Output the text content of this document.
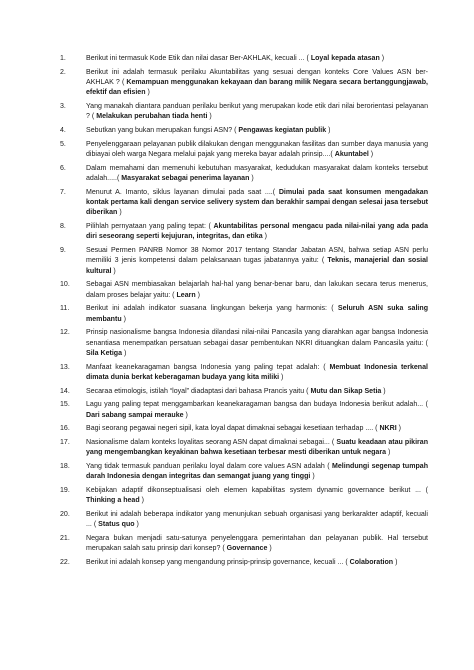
1.	Berikut ini termasuk Kode Etik dan nilai dasar Ber-AKHLAK, kecuali ... ( Loyal kepada atasan )
2.	Berikut ini adalah termasuk perilaku Akuntabilitas yang sesuai dengan konteks Core Values ASN ber-AKHLAK ? ( Kemampuan menggunakan kekayaan dan barang milik Negara secara bertanggungjawab, efektif dan efisien )
3.	Yang manakah diantara panduan perilaku berikut yang merupakan kode etik dari nilai berorientasi pelayanan ? ( Melakukan perubahan tiada henti )
4.	Sebutkan yang bukan merupakan fungsi ASN? ( Pengawas kegiatan publik )
5.	Penyelenggaraan pelayanan publik dilakukan dengan menggunakan fasilitas dan sumber daya manusia yang dibiayai oleh warga Negara melalui pajak yang mereka bayar adalah prinsip....( Akuntabel )
6.	Dalam memahami dan memenuhi kebutuhan masyarakat, kedudukan masyarakat dalam konteks tersebut adalah.....( Masyarakat sebagai penerima layanan )
7.	Menurut A. Imanto, siklus layanan dimulai pada saat ....( Dimulai pada saat konsumen mengadakan kontak pertama kali dengan service selivery system dan berakhir sampai dengan selesai jasa tersebut diberikan )
8.	Pilihlah pernyataan yang paling tepat: ( Akuntabilitas personal mengacu pada nilai-nilai yang ada pada diri seseorang seperti kejujuran, integritas, dan etika )
9.	Sesuai Permen PANRB Nomor 38 Nomor 2017 tentang Standar Jabatan ASN, bahwa setiap ASN perlu memiliki 3 jenis kompetensi dalam pelaksanaan tugas jabatannya yaitu: ( Teknis, manajerial dan sosial kultural )
10.	Sebagai ASN membiasakan belajarlah hal-hal yang benar-benar baru, dan lakukan secara terus menerus, dalam proses belajar yaitu: ( Learn )
11.	Berikut ini adalah indikator suasana lingkungan bekerja yang harmonis: ( Seluruh ASN suka saling membantu )
12.	Prinsip nasionalisme bangsa Indonesia dilandasi nilai-nilai Pancasila yang diarahkan agar bangsa Indonesia senantiasa menempatkan persatuan sebagai dasar pembentukan NKRI dituangkan dalam Pancasila yaitu: ( Sila Ketiga )
13.	Manfaat keanekaragaman bangsa Indonesia yang paling tepat adalah: ( Membuat Indonesia terkenal dimata dunia berkat keberagaman budaya yang kita miliki )
14.	Secaraa etimologis, istilah “loyal” diadaptasi dari bahasa Prancis yaitu ( Mutu dan Sikap Setia )
15.	Lagu yang paling tepat menggambarkan keanekaragaman bangsa dan budaya Indonesia berikut adalah... ( Dari sabang sampai merauke )
16.	Bagi seorang pegawai negeri sipil, kata loyal dapat dimaknai sebagai kesetiaan terhadap .... ( NKRI )
17.	Nasionalisme dalam konteks loyalitas seorang ASN dapat dimaknai sebagai... ( Suatu keadaan atau pikiran yang mengembangkan keyakinan bahwa kesetiaan terbesar mesti diberikan untuk negara )
18.	Yang tidak termasuk panduan perilaku loyal dalam core values ASN adalah ( Melindungi segenap tumpah darah Indonesia dengan integritas dan semangat juang yang tinggi )
19.	Kebijakan adaptif dikonseptualisasi oleh elemen kapabilitas system dynamic governance berikut ... ( Thinking a head )
20.	Berikut ini adalah beberapa indikator yang menunjukan sebuah organisasi yang berkarakter adaptif, kecuali ... ( Status quo )
21.	Negara bukan menjadi satu-satunya penyelenggara pemerintahan dan pelayanan publik. Hal tersebut merupakan salah satu prinsip dari konsep? ( Governance )
22.	Berikut ini adalah konsep yang mengandung prinsip-prinsip governance, kecuali ... ( Colaboration )
